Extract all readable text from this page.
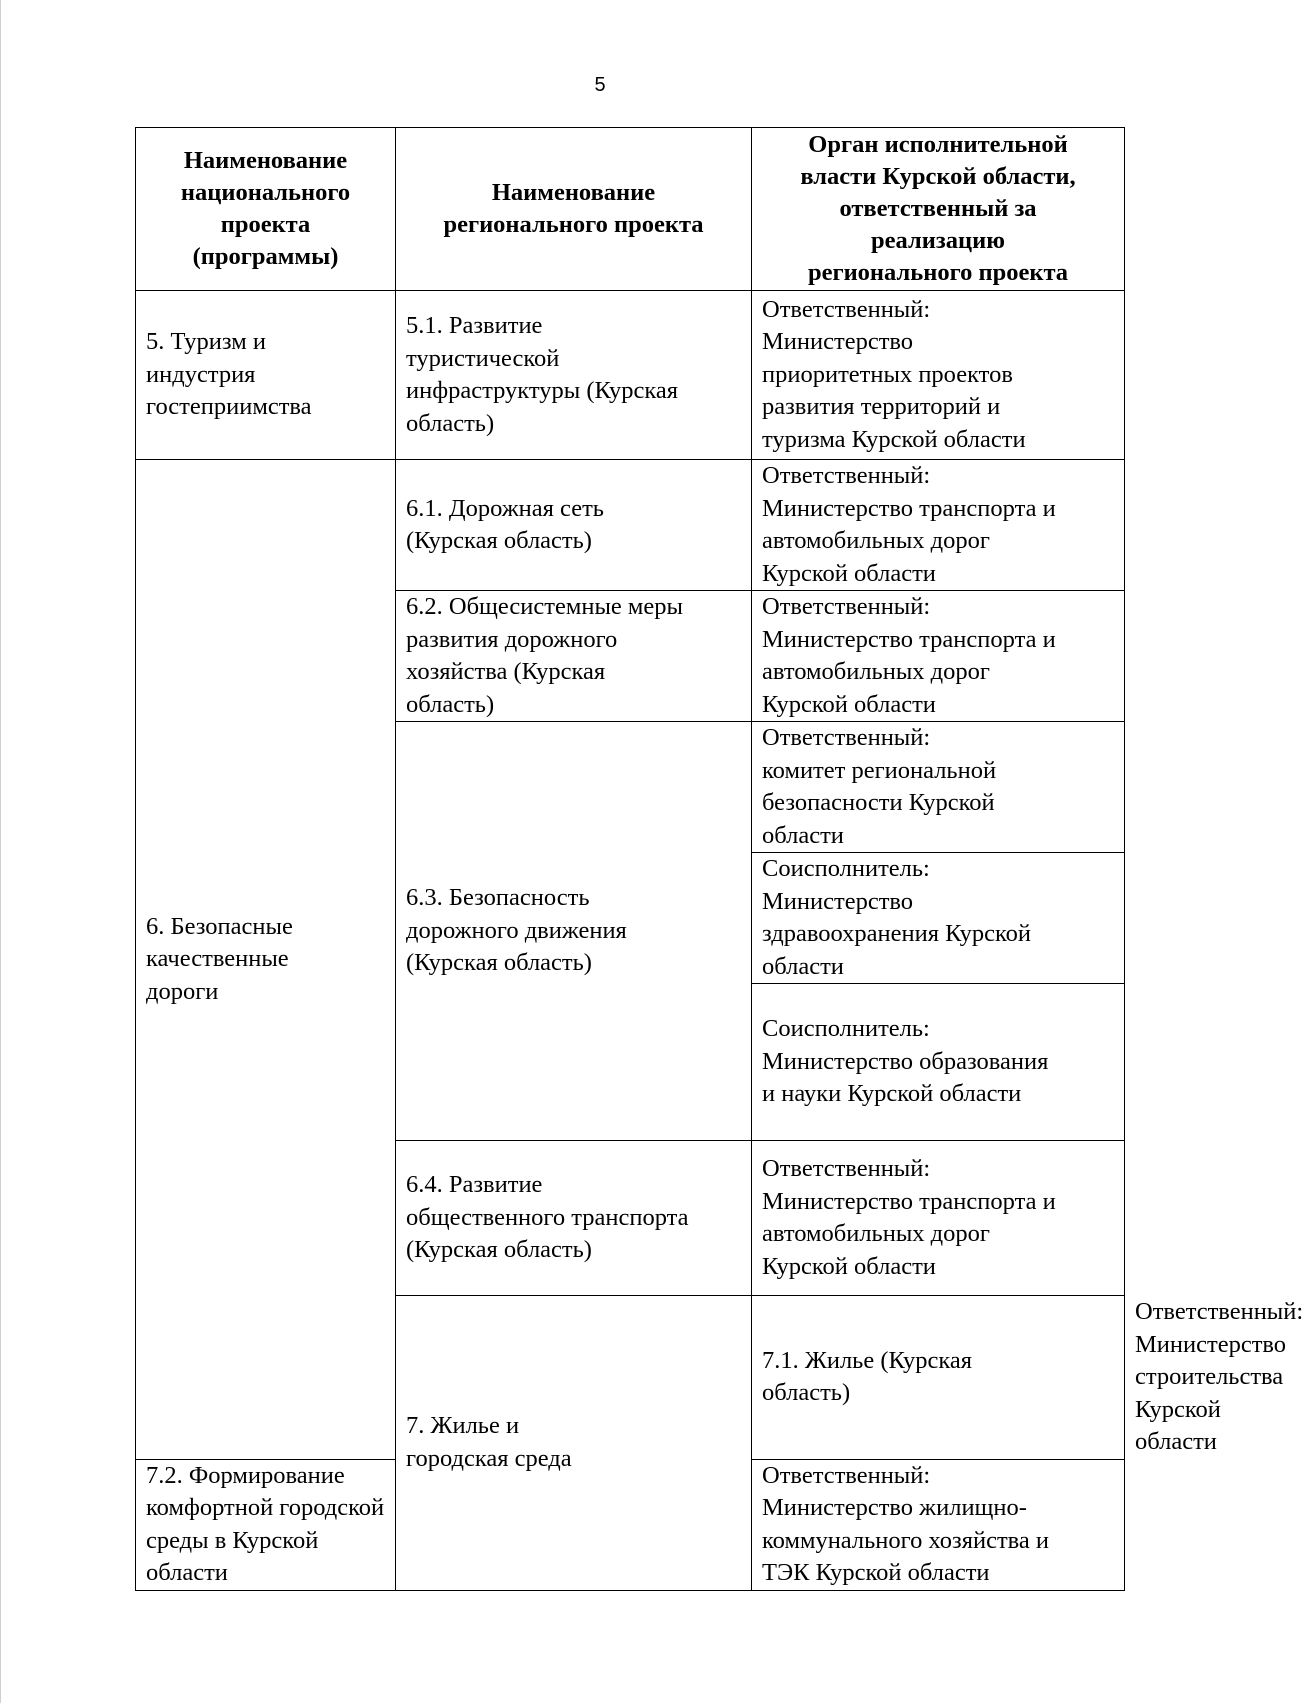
5
Наименование
национального
проекта
(программы)	Наименование
регионального проекта	Орган исполнительной
власти Курской области,
ответственный за
реализацию
регионального проекта	
5. Туризм и
индустрия
гостеприимства	5.1. Развитие
туристической
инфраструктуры (Курская
область)	Ответственный:
Министерство
приоритетных проектов
развития территорий и
туризма Курской области	
6. Безопасные
качественные
дороги	6.1. Дорожная сеть
(Курская область)	Ответственный:
Министерство транспорта и
автомобильных дорог
Курской области	
	6.2. Общесистемные меры
развития дорожного
хозяйства (Курская
область)	Ответственный:
Министерство транспорта и
автомобильных дорог
Курской области	
	6.3. Безопасность
дорожного движения
(Курская область)	Ответственный:
комитет региональной
безопасности Курской
области	
		Соисполнитель:
Министерство
здравоохранения Курской
области	
		Соисполнитель:
Министерство образования
и науки Курской области	
	6.4. Развитие
общественного транспорта
(Курская область)	Ответственный:
Министерство транспорта и
автомобильных дорог
Курской области	
	7. Жилье и
городская среда	7.1. Жилье (Курская
область)	Ответственный:
Министерство
строительства Курской
области
7.2. Формирование
комфортной городской
среды в Курской области		Ответственный:
Министерство жилищно-
коммунального хозяйства и
ТЭК Курской области	
